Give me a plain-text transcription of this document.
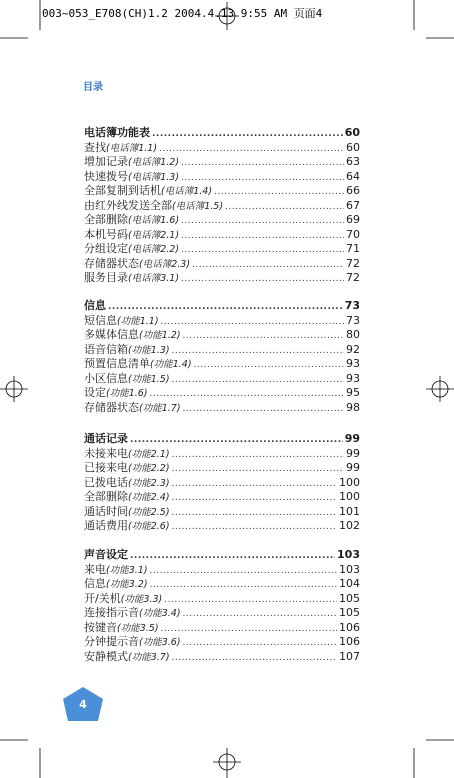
003~053_E708(CH)1.2 2004.4.13 9:55 AM 页面4
目录
电话簿功能表 .....	60
查找 (电话簿1.1) .....	60
增加记录 (电话簿1.2) .....	63
快速拨号 (电话簿1.3) .....	64
全部复制到话机 (电话簿1.4) .....	66
由红外线发送全部 (电话簿1.5) .....	67
全部删除 (电话簿1.6) .....	69
本机号码 (电话簿2.1) .....	70
分组设定 (电话簿2.2) .....	71
存储器状态 (电话簿2.3) .....	72
服务目录 (电话簿3.1) .....	72
信息 .....	73
短信息 (功能1.1) .....	73
多媒体信息 (功能1.2) .....	80
语音信箱 (功能1.3) .....	92
预置信息清单 (功能1.4) .....	93
小区信息 (功能1.5) .....	93
设定 (功能1.6) .....	95
存储器状态 (功能1.7) .....	98
通话记录 .....	99
未接来电 (功能2.1) .....	99
已接来电 (功能2.2) .....	99
已拨电话 (功能2.3) .....	100
全部删除 (功能2.4) .....	100
通话时间 (功能2.5) .....	101
通话费用 (功能2.6) .....	102
声音设定 .....	103
来电 (功能3.1) .....	103
信息 (功能3.2) .....	104
开/关机 (功能3.3) .....	105
连接指示音 (功能3.4) .....	105
按键音 (功能3.5) .....	106
分钟提示音 (功能3.6) .....	106
安静模式 (功能3.7) .....	107
4
